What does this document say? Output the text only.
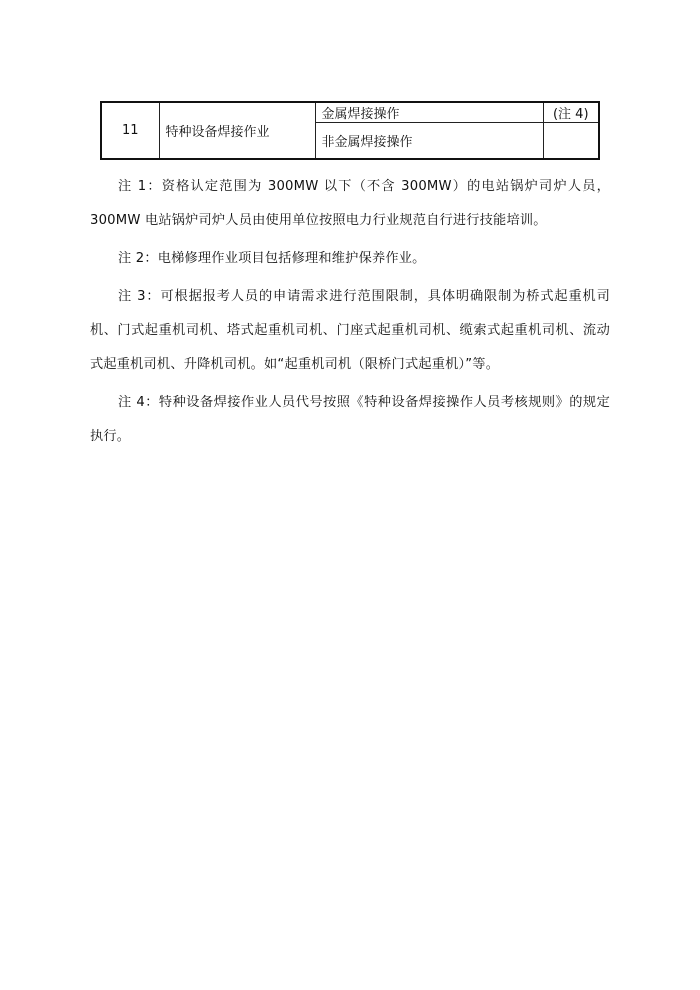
11	特种设备焊接作业	金属焊接操作	(注 4)
		非金属焊接操作	

注 1：资格认定范围为 300MW 以下（不含 300MW）的电站锅炉司炉人员，300MW 电站锅炉司炉人员由使用单位按照电力行业规范自行进行技能培训。

注 2：电梯修理作业项目包括修理和维护保养作业。

注 3：可根据报考人员的申请需求进行范围限制，具体明确限制为桥式起重机司机、门式起重机司机、塔式起重机司机、门座式起重机司机、缆索式起重机司机、流动式起重机司机、升降机司机。如“起重机司机（限桥门式起重机）”等。

注 4：特种设备焊接作业人员代号按照《特种设备焊接操作人员考核规则》的规定执行。
